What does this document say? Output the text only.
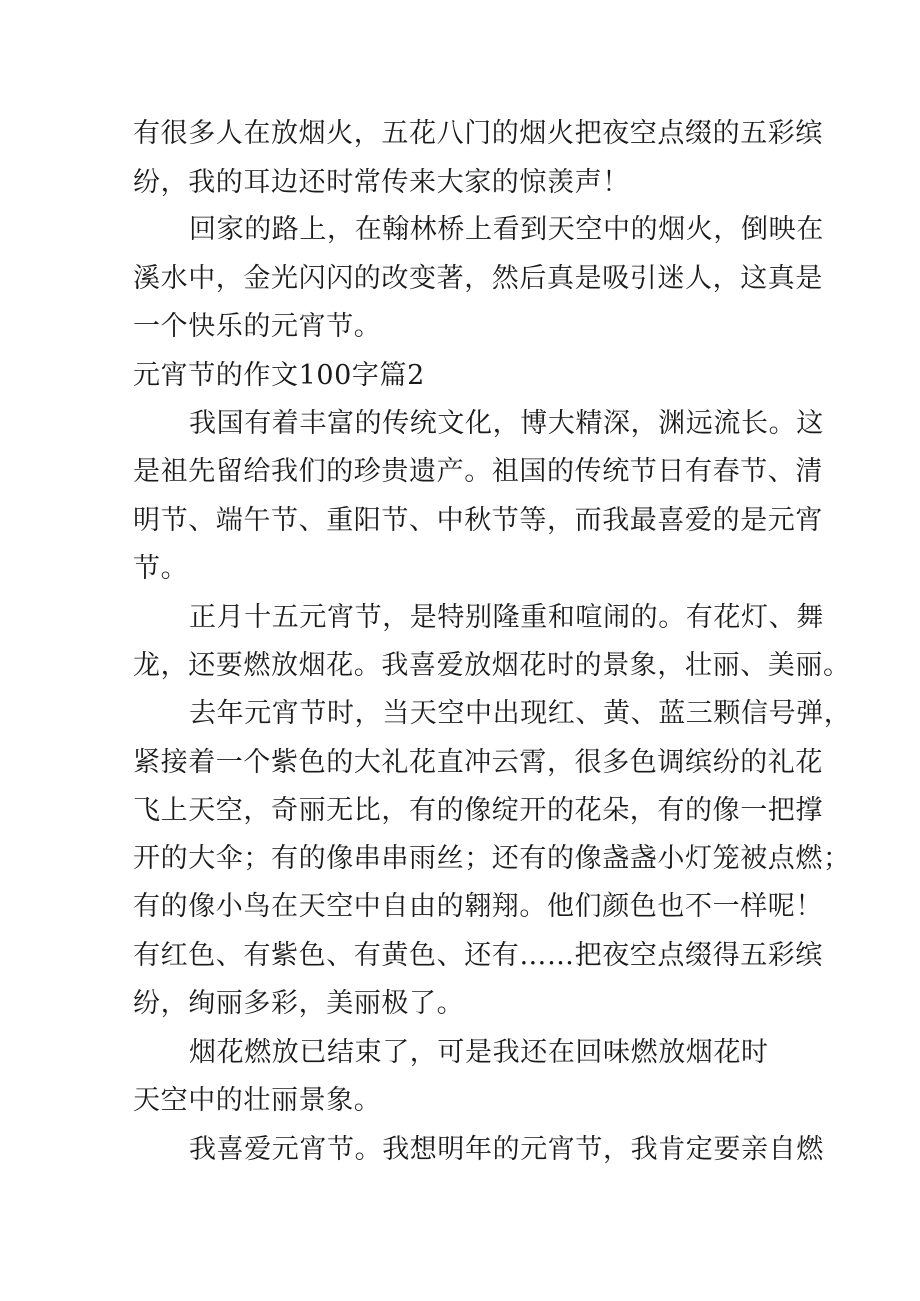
有很多人在放烟火，五花八门的烟火把夜空点缀的五彩缤
纷，我的耳边还时常传来大家的惊羡声！
回家的路上，在翰林桥上看到天空中的烟火，倒映在
溪水中，金光闪闪的改变著，然后真是吸引迷人，这真是
一个快乐的元宵节。
元宵节的作文100字篇2
我国有着丰富的传统文化，博大精深，渊远流长。这
是祖先留给我们的珍贵遗产。祖国的传统节日有春节、清
明节、端午节、重阳节、中秋节等，而我最喜爱的是元宵
节。
正月十五元宵节，是特别隆重和喧闹的。有花灯、舞
龙，还要燃放烟花。我喜爱放烟花时的景象，壮丽、美丽。
去年元宵节时，当天空中出现红、黄、蓝三颗信号弹，
紧接着一个紫色的大礼花直冲云霄，很多色调缤纷的礼花
飞上天空，奇丽无比，有的像绽开的花朵，有的像一把撑
开的大伞；有的像串串雨丝；还有的像盏盏小灯笼被点燃；
有的像小鸟在天空中自由的翱翔。他们颜色也不一样呢！
有红色、有紫色、有黄色、还有……把夜空点缀得五彩缤
纷，绚丽多彩，美丽极了。
烟花燃放已结束了，可是我还在回味燃放烟花时
天空中的壮丽景象。
我喜爱元宵节。我想明年的元宵节，我肯定要亲自燃
